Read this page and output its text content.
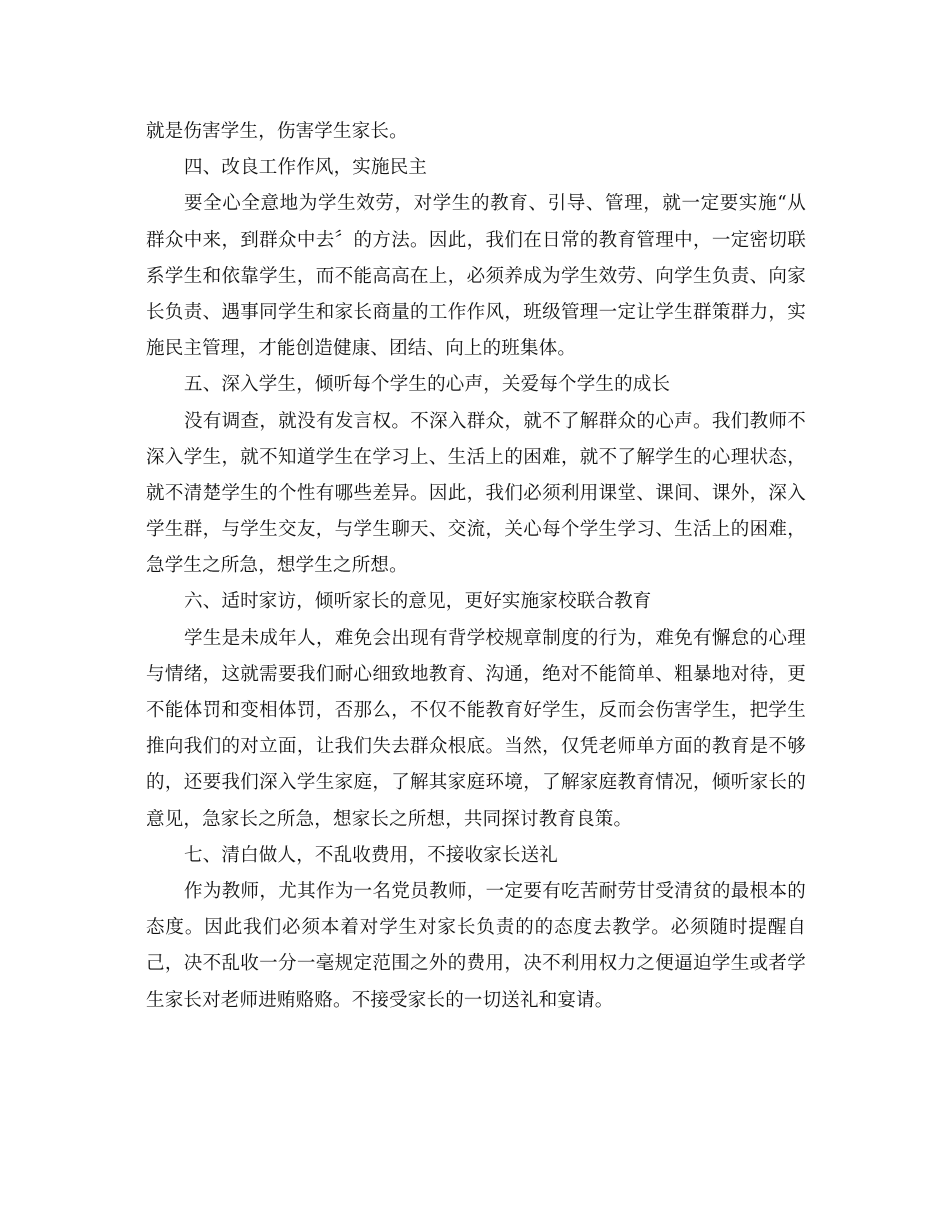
就是伤害学生，伤害学生家长。
四、改良工作作风，实施民主
要全心全意地为学生效劳，对学生的教育、引导、管理，就一定要实施“从
群众中来，到群众中去〞的方法。因此，我们在日常的教育管理中，一定密切联
系学生和依靠学生，而不能高高在上，必须养成为学生效劳、向学生负责、向家
长负责、遇事同学生和家长商量的工作作风，班级管理一定让学生群策群力，实
施民主管理，才能创造健康、团结、向上的班集体。
五、深入学生，倾听每个学生的心声，关爱每个学生的成长
没有调查，就没有发言权。不深入群众，就不了解群众的心声。我们教师不
深入学生，就不知道学生在学习上、生活上的困难，就不了解学生的心理状态，
就不清楚学生的个性有哪些差异。因此，我们必须利用课堂、课间、课外，深入
学生群，与学生交友，与学生聊天、交流，关心每个学生学习、生活上的困难，
急学生之所急，想学生之所想。
六、适时家访，倾听家长的意见，更好实施家校联合教育
学生是未成年人，难免会出现有背学校规章制度的行为，难免有懈怠的心理
与情绪，这就需要我们耐心细致地教育、沟通，绝对不能简单、粗暴地对待，更
不能体罚和变相体罚，否那么，不仅不能教育好学生，反而会伤害学生，把学生
推向我们的对立面，让我们失去群众根底。当然，仅凭老师单方面的教育是不够
的，还要我们深入学生家庭，了解其家庭环境，了解家庭教育情况，倾听家长的
意见，急家长之所急，想家长之所想，共同探讨教育良策。
七、清白做人，不乱收费用，不接收家长送礼
作为教师，尤其作为一名党员教师，一定要有吃苦耐劳甘受清贫的最根本的
态度。因此我们必须本着对学生对家长负责的的态度去教学。必须随时提醒自
己，决不乱收一分一毫规定范围之外的费用，决不利用权力之便逼迫学生或者学
生家长对老师进贿赂赂。不接受家长的一切送礼和宴请。
